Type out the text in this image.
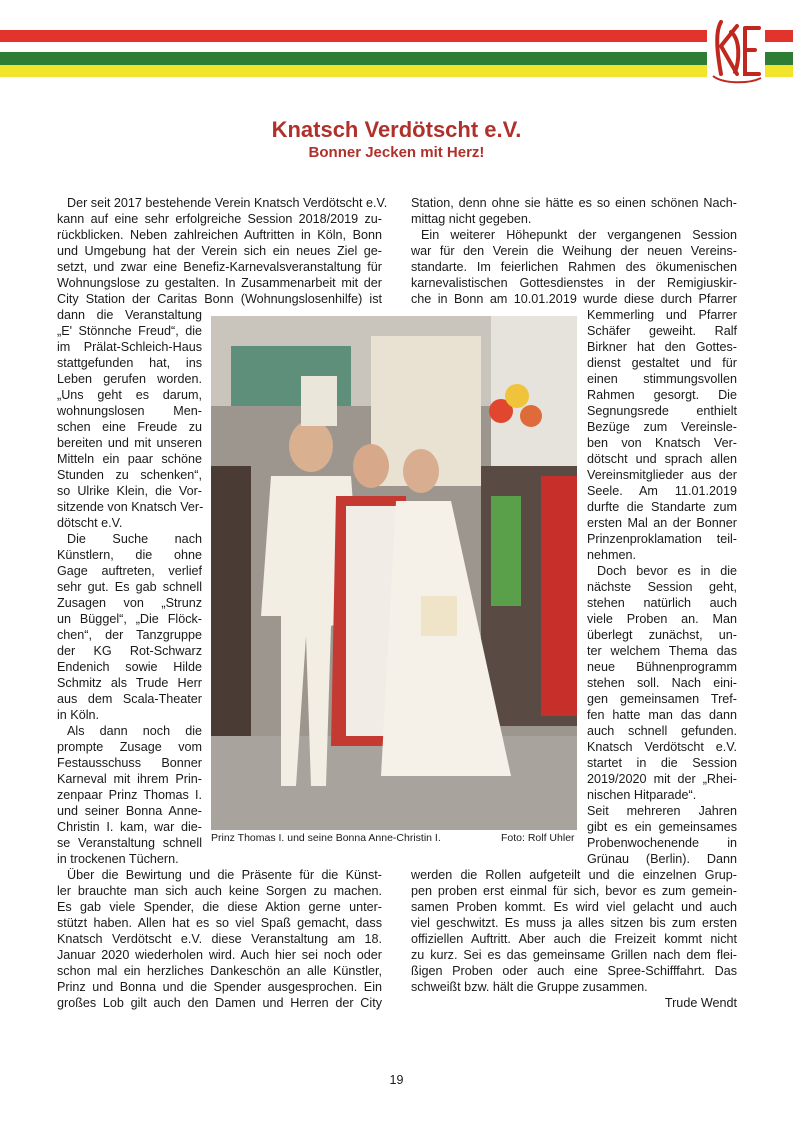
Knatsch Verdötscht e.V.
Bonner Jecken mit Herz!
Der seit 2017 bestehende Verein Knatsch Verdötscht e.V.
kann auf eine sehr erfolgreiche Session 2018/2019 zu-
rückblicken. Neben zahlreichen Auftritten in Köln, Bonn
und Umgebung hat der Verein sich ein neues Ziel ge-
setzt, und zwar eine Benefiz-Karnevalsveranstaltung für
Wohnungslose zu gestalten. In Zusammenarbeit mit der
City Station der Caritas Bonn (Wohnungslosenhilfe) ist
dann die Veranstaltung
„E' Stönnche Freud“, die
im Prälat-Schleich-Haus
stattgefunden hat, ins
Leben gerufen worden.
„Uns geht es darum,
wohnungslosen Men-
schen eine Freude zu
bereiten und mit unseren
Mitteln ein paar schöne
Stunden zu schenken“,
so Ulrike Klein, die Vor-
sitzende von Knatsch Ver-
dötscht e.V.
Die Suche nach
Künstlern, die ohne
Gage auftreten, verlief
sehr gut. Es gab schnell
Zusagen von „Strunz
un Büggel“, „Die Flöck-
chen“, der Tanzgruppe
der KG Rot-Schwarz
Endenich sowie Hilde
Schmitz als Trude Herr
aus dem Scala-Theater
in Köln.
Als dann noch die
prompte Zusage vom
Festausschuss Bonner
Karneval mit ihrem Prin-
zenpaar Prinz Thomas I.
und seiner Bonna Anne-
Christin I. kam, war die-
se Veranstaltung schnell
in trockenen Tüchern.
Über die Bewirtung und die Präsente für die Künst-
ler brauchte man sich auch keine Sorgen zu machen.
Es gab viele Spender, die diese Aktion gerne unter-
stützt haben. Allen hat es so viel Spaß gemacht, dass
Knatsch Verdötscht e.V. diese Veranstaltung am 18.
Januar 2020 wiederholen wird. Auch hier sei noch oder
schon mal ein herzliches Dankeschön an alle Künstler,
Prinz und Bonna und die Spender ausgesprochen. Ein
großes Lob gilt auch den Damen und Herren der City
Station, denn ohne sie hätte es so einen schönen Nach-
mittag nicht gegeben.
Ein weiterer Höhepunkt der vergangenen Session
war für den Verein die Weihung der neuen Vereins-
standarte. Im feierlichen Rahmen des ökumenischen
karnevalistischen Gottesdienstes in der Remigiuskir-
che in Bonn am 10.01.2019 wurde diese durch Pfarrer
Kemmerling und Pfarrer
Schäfer geweiht. Ralf
Birkner hat den Gottes-
dienst gestaltet und für
einen stimmungsvollen
Rahmen gesorgt. Die
Segnungsrede enthielt
Bezüge zum Vereinsle-
ben von Knatsch Ver-
dötscht und sprach allen
Vereinsmitglieder aus der
Seele. Am 11.01.2019
durfte die Standarte zum
ersten Mal an der Bonner
Prinzenproklamation teil-
nehmen.
Doch bevor es in die
nächste Session geht,
stehen natürlich auch
viele Proben an. Man
überlegt zunächst, un-
ter welchem Thema das
neue Bühnenprogramm
stehen soll. Nach eini-
gen gemeinsamen Tref-
fen hatte man das dann
auch schnell gefunden.
Knatsch Verdötscht e.V.
startet in die Session
2019/2020 mit der „Rhei-
nischen Hitparade“.
Seit mehreren Jahren
gibt es ein gemeinsames
Probenwochenende in
Grünau (Berlin). Dann
werden die Rollen aufgeteilt und die einzelnen Grup-
pen proben erst einmal für sich, bevor es zum gemein-
samen Proben kommt. Es wird viel gelacht und auch
viel geschwitzt. Es muss ja alles sitzen bis zum ersten
offiziellen Auftritt. Aber auch die Freizeit kommt nicht
zu kurz. Sei es das gemeinsame Grillen nach dem flei-
ßigen Proben oder auch eine Spree-Schifffahrt. Das
schweißt bzw. hält die Gruppe zusammen.
Trude Wendt
Prinz Thomas I. und seine Bonna Anne-Christin I.	Foto: Rolf Uhler
19
